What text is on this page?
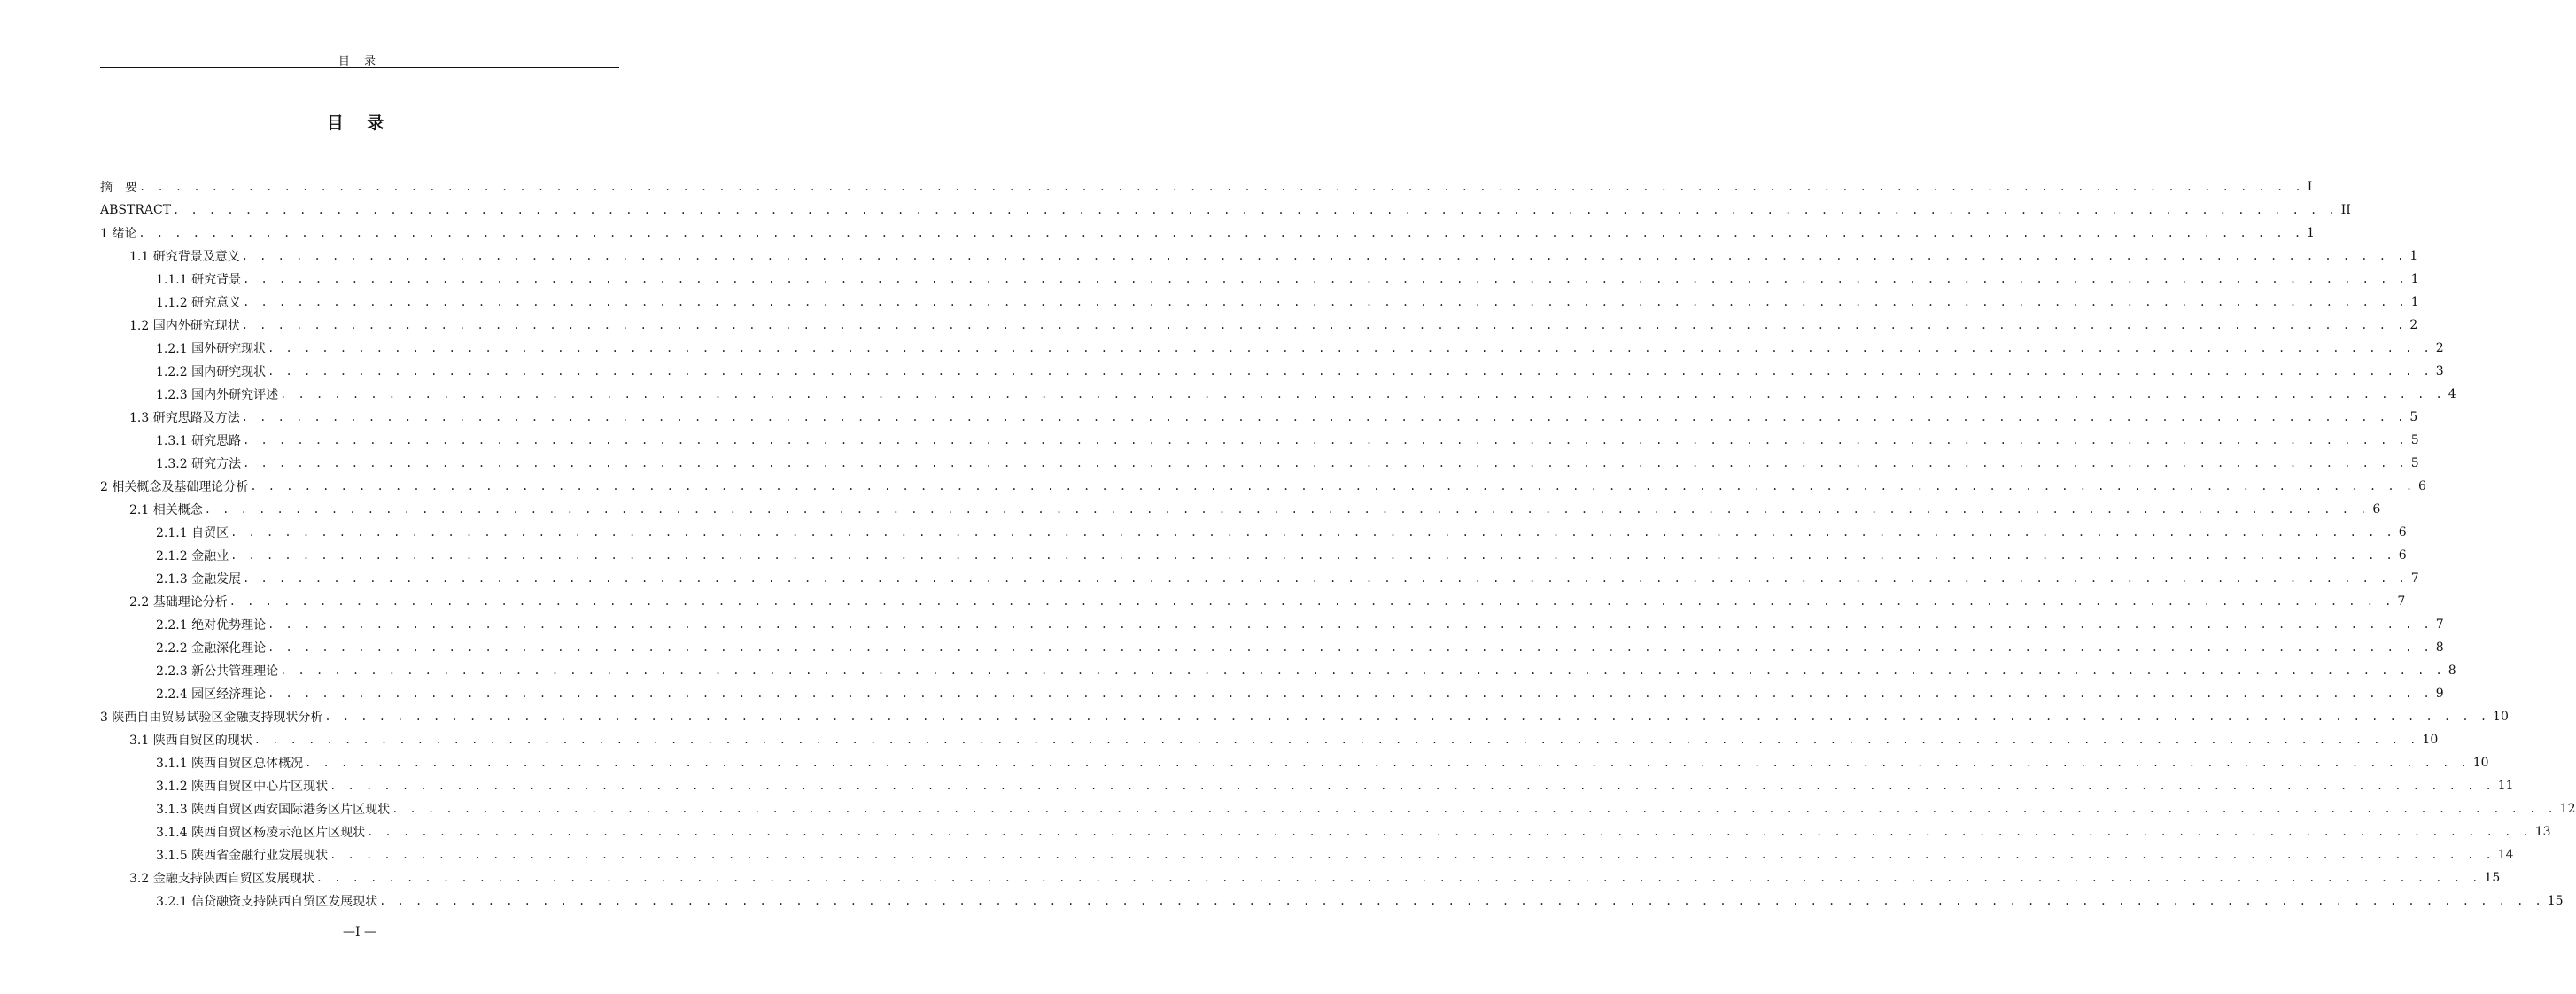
目 录
目 录
摘　要 . . . . . . . . . . . . . . . . . . . . . . . . . . . . . . . . . . . . . . . . . . . . . . . . . . . . . . . . . . . . . . . . . . . . . . . . . . . . . . . . . . . . . . . . . . . . . . . . . . . . . . . . . . . . . . . . . . . . . . . . I
ABSTRACT . . . . . . . . . . . . . . . . . . . . . . . . . . . . . . . . . . . . . . . . . . . . . . . . . . . . . . . . . . . . . . . . . . . . . . . . . . . . . . . . . . . . . . . . . . . . . . . . . . . . . . . . . . . . . . . . . . . . . . . . II
1 绪论 . . . . . . . . . . . . . . . . . . . . . . . . . . . . . . . . . . . . . . . . . . . . . . . . . . . . . . . . . . . . . . . . . . . . . . . . . . . . . . . . . . . . . . . . . . . . . . . . . . . . . . . . . . . . . . . . . . . . . . . . 1
1.1 研究背景及意义 . . . . . . . . . . . . . . . . . . . . . . . . . . . . . . . . . . . . . . . . . . . . . . . . . . . . . . . . . . . . . . . . . . . . . . . . . . . . . . . . . . . . . . . . . . . . . . . . . . . . . . . . . . . . . . . . . . . . . . . . 1
1.1.1 研究背景 . . . . . . . . . . . . . . . . . . . . . . . . . . . . . . . . . . . . . . . . . . . . . . . . . . . . . . . . . . . . . . . . . . . . . . . . . . . . . . . . . . . . . . . . . . . . . . . . . . . . . . . . . . . . . . . . . . . . . . . . 1
1.1.2 研究意义 . . . . . . . . . . . . . . . . . . . . . . . . . . . . . . . . . . . . . . . . . . . . . . . . . . . . . . . . . . . . . . . . . . . . . . . . . . . . . . . . . . . . . . . . . . . . . . . . . . . . . . . . . . . . . . . . . . . . . . . . 1
1.2 国内外研究现状 . . . . . . . . . . . . . . . . . . . . . . . . . . . . . . . . . . . . . . . . . . . . . . . . . . . . . . . . . . . . . . . . . . . . . . . . . . . . . . . . . . . . . . . . . . . . . . . . . . . . . . . . . . . . . . . . . . . . . . . . 2
1.2.1 国外研究现状 . . . . . . . . . . . . . . . . . . . . . . . . . . . . . . . . . . . . . . . . . . . . . . . . . . . . . . . . . . . . . . . . . . . . . . . . . . . . . . . . . . . . . . . . . . . . . . . . . . . . . . . . . . . . . . . . . . . . . . . . 2
1.2.2 国内研究现状 . . . . . . . . . . . . . . . . . . . . . . . . . . . . . . . . . . . . . . . . . . . . . . . . . . . . . . . . . . . . . . . . . . . . . . . . . . . . . . . . . . . . . . . . . . . . . . . . . . . . . . . . . . . . . . . . . . . . . . . . 3
1.2.3 国内外研究评述 . . . . . . . . . . . . . . . . . . . . . . . . . . . . . . . . . . . . . . . . . . . . . . . . . . . . . . . . . . . . . . . . . . . . . . . . . . . . . . . . . . . . . . . . . . . . . . . . . . . . . . . . . . . . . . . . . . . . . . . . 4
1.3 研究思路及方法 . . . . . . . . . . . . . . . . . . . . . . . . . . . . . . . . . . . . . . . . . . . . . . . . . . . . . . . . . . . . . . . . . . . . . . . . . . . . . . . . . . . . . . . . . . . . . . . . . . . . . . . . . . . . . . . . . . . . . . . . 5
1.3.1 研究思路 . . . . . . . . . . . . . . . . . . . . . . . . . . . . . . . . . . . . . . . . . . . . . . . . . . . . . . . . . . . . . . . . . . . . . . . . . . . . . . . . . . . . . . . . . . . . . . . . . . . . . . . . . . . . . . . . . . . . . . . . 5
1.3.2 研究方法 . . . . . . . . . . . . . . . . . . . . . . . . . . . . . . . . . . . . . . . . . . . . . . . . . . . . . . . . . . . . . . . . . . . . . . . . . . . . . . . . . . . . . . . . . . . . . . . . . . . . . . . . . . . . . . . . . . . . . . . . 5
2 相关概念及基础理论分析 . . . . . . . . . . . . . . . . . . . . . . . . . . . . . . . . . . . . . . . . . . . . . . . . . . . . . . . . . . . . . . . . . . . . . . . . . . . . . . . . . . . . . . . . . . . . . . . . . . . . . . . . . . . . . . . . . . . . . . . . 6
2.1 相关概念 . . . . . . . . . . . . . . . . . . . . . . . . . . . . . . . . . . . . . . . . . . . . . . . . . . . . . . . . . . . . . . . . . . . . . . . . . . . . . . . . . . . . . . . . . . . . . . . . . . . . . . . . . . . . . . . . . . . . . . . . 6
2.1.1 自贸区 . . . . . . . . . . . . . . . . . . . . . . . . . . . . . . . . . . . . . . . . . . . . . . . . . . . . . . . . . . . . . . . . . . . . . . . . . . . . . . . . . . . . . . . . . . . . . . . . . . . . . . . . . . . . . . . . . . . . . . . . 6
2.1.2 金融业 . . . . . . . . . . . . . . . . . . . . . . . . . . . . . . . . . . . . . . . . . . . . . . . . . . . . . . . . . . . . . . . . . . . . . . . . . . . . . . . . . . . . . . . . . . . . . . . . . . . . . . . . . . . . . . . . . . . . . . . . 6
2.1.3 金融发展 . . . . . . . . . . . . . . . . . . . . . . . . . . . . . . . . . . . . . . . . . . . . . . . . . . . . . . . . . . . . . . . . . . . . . . . . . . . . . . . . . . . . . . . . . . . . . . . . . . . . . . . . . . . . . . . . . . . . . . . . 7
2.2 基础理论分析 . . . . . . . . . . . . . . . . . . . . . . . . . . . . . . . . . . . . . . . . . . . . . . . . . . . . . . . . . . . . . . . . . . . . . . . . . . . . . . . . . . . . . . . . . . . . . . . . . . . . . . . . . . . . . . . . . . . . . . . . 7
2.2.1 绝对优势理论 . . . . . . . . . . . . . . . . . . . . . . . . . . . . . . . . . . . . . . . . . . . . . . . . . . . . . . . . . . . . . . . . . . . . . . . . . . . . . . . . . . . . . . . . . . . . . . . . . . . . . . . . . . . . . . . . . . . . . . . . 7
2.2.2 金融深化理论 . . . . . . . . . . . . . . . . . . . . . . . . . . . . . . . . . . . . . . . . . . . . . . . . . . . . . . . . . . . . . . . . . . . . . . . . . . . . . . . . . . . . . . . . . . . . . . . . . . . . . . . . . . . . . . . . . . . . . . . . 8
2.2.3 新公共管理理论 . . . . . . . . . . . . . . . . . . . . . . . . . . . . . . . . . . . . . . . . . . . . . . . . . . . . . . . . . . . . . . . . . . . . . . . . . . . . . . . . . . . . . . . . . . . . . . . . . . . . . . . . . . . . . . . . . . . . . . . . 8
2.2.4 园区经济理论 . . . . . . . . . . . . . . . . . . . . . . . . . . . . . . . . . . . . . . . . . . . . . . . . . . . . . . . . . . . . . . . . . . . . . . . . . . . . . . . . . . . . . . . . . . . . . . . . . . . . . . . . . . . . . . . . . . . . . . . . 9
3 陕西自由贸易试验区金融支持现状分析 . . . . . . . . . . . . . . . . . . . . . . . . . . . . . . . . . . . . . . . . . . . . . . . . . . . . . . . . . . . . . . . . . . . . . . . . . . . . . . . . . . . . . . . . . . . . . . . . . . . . . . . . . . . . . . . . . . . . . . . . 10
3.1 陕西自贸区的现状 . . . . . . . . . . . . . . . . . . . . . . . . . . . . . . . . . . . . . . . . . . . . . . . . . . . . . . . . . . . . . . . . . . . . . . . . . . . . . . . . . . . . . . . . . . . . . . . . . . . . . . . . . . . . . . . . . . . . . . . . 10
3.1.1 陕西自贸区总体概况 . . . . . . . . . . . . . . . . . . . . . . . . . . . . . . . . . . . . . . . . . . . . . . . . . . . . . . . . . . . . . . . . . . . . . . . . . . . . . . . . . . . . . . . . . . . . . . . . . . . . . . . . . . . . . . . . . . . . . . . . 10
3.1.2 陕西自贸区中心片区现状 . . . . . . . . . . . . . . . . . . . . . . . . . . . . . . . . . . . . . . . . . . . . . . . . . . . . . . . . . . . . . . . . . . . . . . . . . . . . . . . . . . . . . . . . . . . . . . . . . . . . . . . . . . . . . . . . . . . . . . . . 11
3.1.3 陕西自贸区西安国际港务区片区现状 . . . . . . . . . . . . . . . . . . . . . . . . . . . . . . . . . . . . . . . . . . . . . . . . . . . . . . . . . . . . . . . . . . . . . . . . . . . . . . . . . . . . . . . . . . . . . . . . . . . . . . . . . . . . . . . . . . . . . . . . 12
3.1.4 陕西自贸区杨凌示范区片区现状 . . . . . . . . . . . . . . . . . . . . . . . . . . . . . . . . . . . . . . . . . . . . . . . . . . . . . . . . . . . . . . . . . . . . . . . . . . . . . . . . . . . . . . . . . . . . . . . . . . . . . . . . . . . . . . . . . . . . . . . . 13
3.1.5 陕西省金融行业发展现状 . . . . . . . . . . . . . . . . . . . . . . . . . . . . . . . . . . . . . . . . . . . . . . . . . . . . . . . . . . . . . . . . . . . . . . . . . . . . . . . . . . . . . . . . . . . . . . . . . . . . . . . . . . . . . . . . . . . . . . . . 14
3.2 金融支持陕西自贸区发展现状 . . . . . . . . . . . . . . . . . . . . . . . . . . . . . . . . . . . . . . . . . . . . . . . . . . . . . . . . . . . . . . . . . . . . . . . . . . . . . . . . . . . . . . . . . . . . . . . . . . . . . . . . . . . . . . . . . . . . . . . . 15
3.2.1 信贷融资支持陕西自贸区发展现状 . . . . . . . . . . . . . . . . . . . . . . . . . . . . . . . . . . . . . . . . . . . . . . . . . . . . . . . . . . . . . . . . . . . . . . . . . . . . . . . . . . . . . . . . . . . . . . . . . . . . . . . . . . . . . . . . . . . . . . . . 15
—I —
